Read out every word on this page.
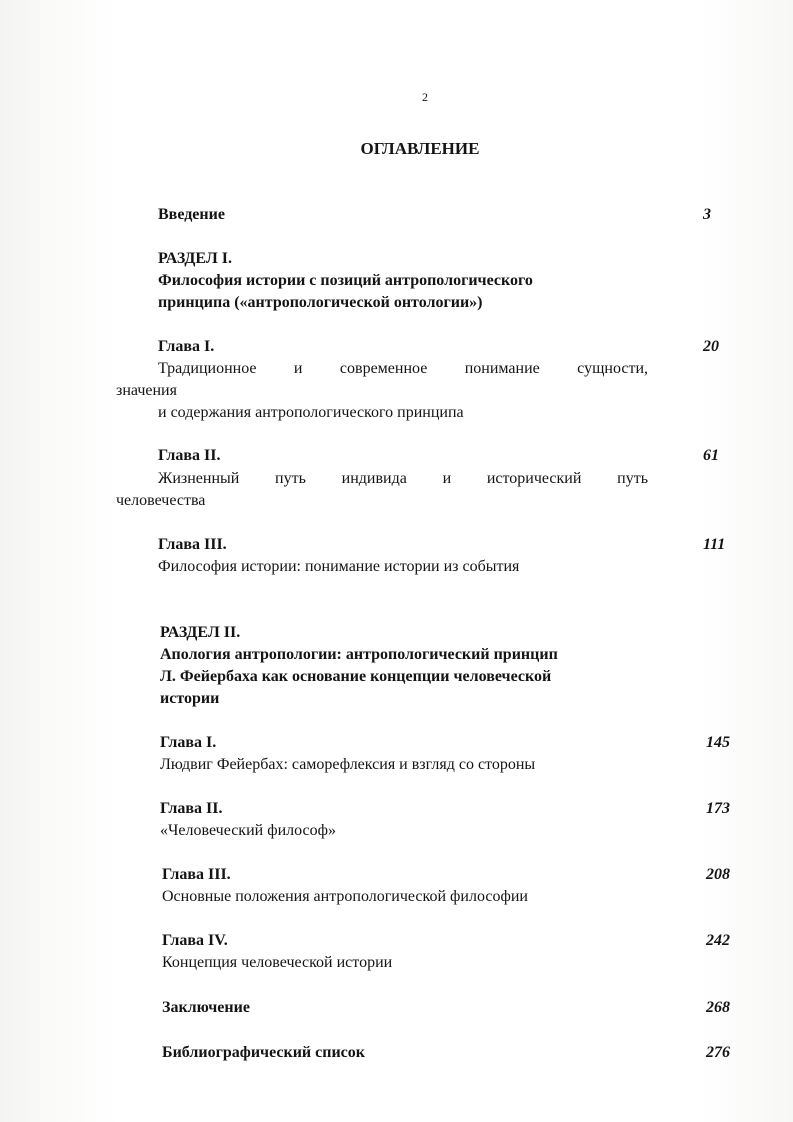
2
ОГЛАВЛЕНИЕ
Введение	3
РАЗДЕЛ I.
Философия истории с позиций антропологического
принципа («антропологической онтологии»)
Глава I.	20
Традиционное и современное понимание сущности,
значения
и содержания антропологического принципа
Глава II.	61
Жизненный путь индивида и исторический путь
человечества
Глава III.	111
Философия истории: понимание истории из события
РАЗДЕЛ II.
Апология антропологии: антропологический принцип
Л. Фейербаха как основание концепции человеческой
истории
Глава I.	145
Людвиг Фейербах: саморефлексия и взгляд со стороны
Глава II.	173
«Человеческий философ»
Глава III.	208
Основные положения антропологической философии
Глава IV.	242
Концепция человеческой истории
Заключение	268
Библиографический список	276
